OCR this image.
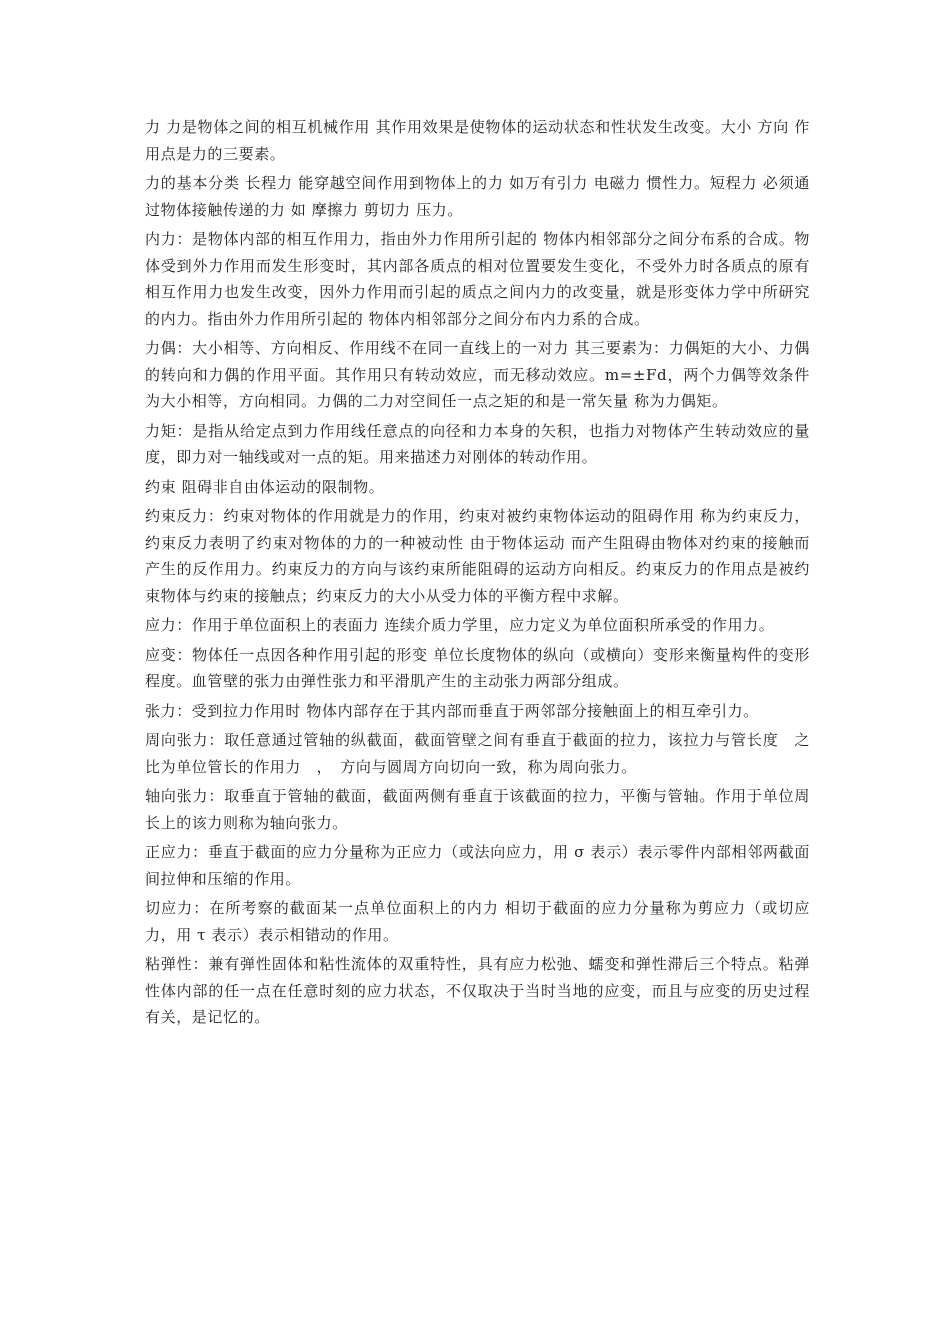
力 力是物体之间的相互机械作用 其作用效果是使物体的运动状态和性状发生改变。大小 方向 作用点是力的三要素。

力的基本分类 长程力 能穿越空间作用到物体上的力 如万有引力 电磁力 惯性力。短程力 必须通过物体接触传递的力 如 摩擦力 剪切力 压力。

内力：是物体内部的相互作用力，指由外力作用所引起的 物体内相邻部分之间分布系的合成。物体受到外力作用而发生形变时，其内部各质点的相对位置要发生变化，不受外力时各质点的原有相互作用力也发生改变，因外力作用而引起的质点之间内力的改变量，就是形变体力学中所研究的内力。指由外力作用所引起的 物体内相邻部分之间分布内力系的合成。

力偶：大小相等、方向相反、作用线不在同一直线上的一对力 其三要素为：力偶矩的大小、力偶的转向和力偶的作用平面。其作用只有转动效应，而无移动效应。m=±Fd，两个力偶等效条件为大小相等，方向相同。力偶的二力对空间任一点之矩的和是一常矢量 称为力偶矩。

力矩：是指从给定点到力作用线任意点的向径和力本身的矢积，也指力对物体产生转动效应的量度，即力对一轴线或对一点的矩。用来描述力对刚体的转动作用。

约束 阻碍非自由体运动的限制物。

约束反力：约束对物体的作用就是力的作用，约束对被约束物体运动的阻碍作用 称为约束反力，约束反力表明了约束对物体的力的一种被动性 由于物体运动 而产生阻碍由物体对约束的接触而产生的反作用力。约束反力的方向与该约束所能阻碍的运动方向相反。约束反力的作用点是被约束物体与约束的接触点；约束反力的大小从受力体的平衡方程中求解。

应力：作用于单位面积上的表面力 连续介质力学里，应力定义为单位面积所承受的作用力。

应变：物体任一点因各种作用引起的形变 单位长度物体的纵向（或横向）变形来衡量构件的变形程度。血管壁的张力由弹性张力和平滑肌产生的主动张力两部分组成。

张力：受到拉力作用时 物体内部存在于其内部而垂直于两邻部分接触面上的相互牵引力。

周向张力：取任意通过管轴的纵截面，截面管壁之间有垂直于截面的拉力，该拉力与管长度　之比为单位管长的作用力　，　方向与圆周方向切向一致，称为周向张力。

轴向张力：取垂直于管轴的截面，截面两侧有垂直于该截面的拉力，平衡与管轴。作用于单位周长上的该力则称为轴向张力。

正应力：垂直于截面的应力分量称为正应力（或法向应力，用 σ 表示）表示零件内部相邻两截面间拉伸和压缩的作用。

切应力：在所考察的截面某一点单位面积上的内力 相切于截面的应力分量称为剪应力（或切应力，用 τ 表示）表示相错动的作用。

粘弹性：兼有弹性固体和粘性流体的双重特性，具有应力松弛、蠕变和弹性滞后三个特点。粘弹性体内部的任一点在任意时刻的应力状态，不仅取决于当时当地的应变，而且与应变的历史过程有关，是记忆的。
